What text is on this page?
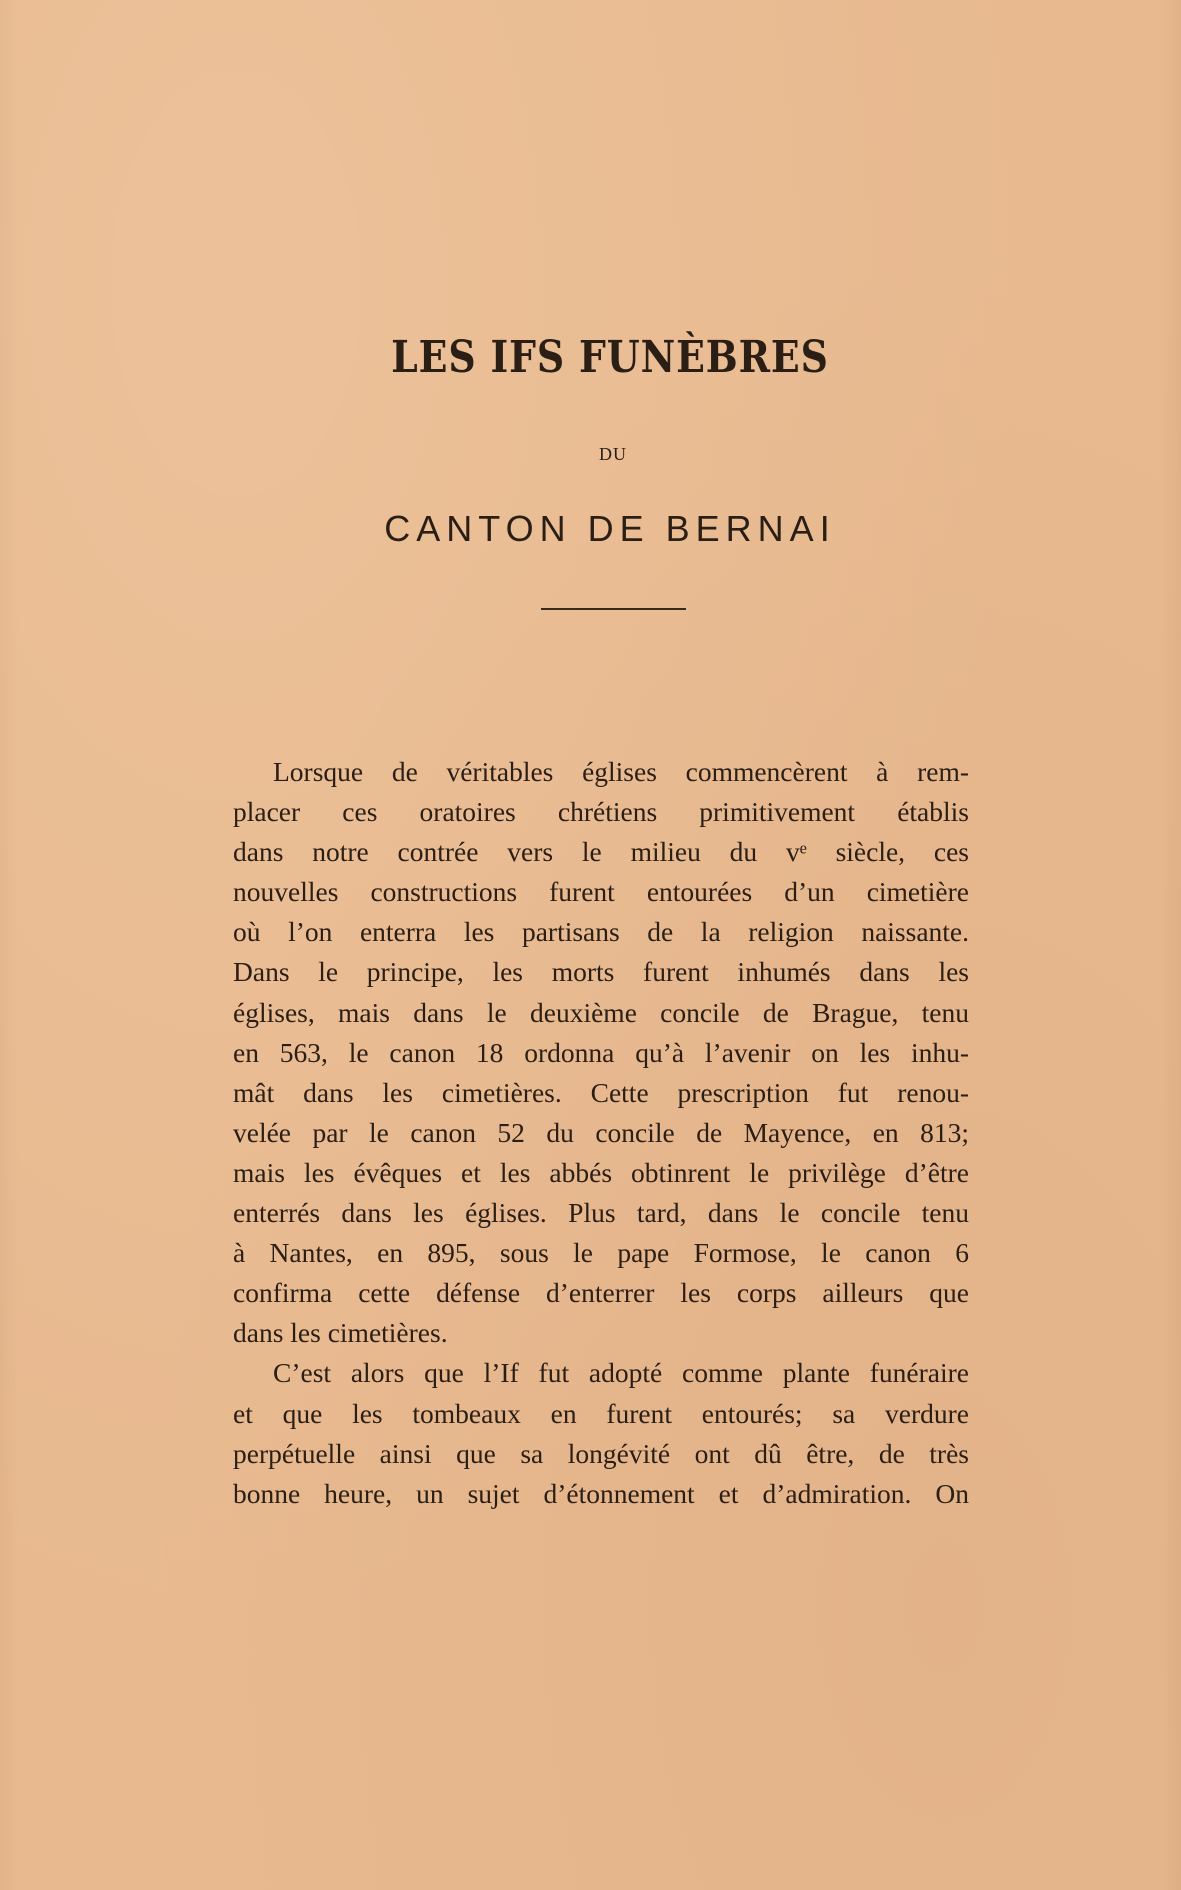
LES IFS FUNÈBRES
DU
CANTON DE BERNAI
Lorsque de véritables églises commencèrent à rem-
placer ces oratoires chrétiens primitivement établis
dans notre contrée vers le milieu du vᵉ siècle, ces
nouvelles constructions furent entourées d’un cimetière
où l’on enterra les partisans de la religion naissante.
Dans le principe, les morts furent inhumés dans les
églises, mais dans le deuxième concile de Brague, tenu
en 563, le canon 18 ordonna qu’à l’avenir on les inhu-
mât dans les cimetières. Cette prescription fut renou-
velée par le canon 52 du concile de Mayence, en 813;
mais les évêques et les abbés obtinrent le privilège d’être
enterrés dans les églises. Plus tard, dans le concile tenu
à Nantes, en 895, sous le pape Formose, le canon 6
confirma cette défense d’enterrer les corps ailleurs que
dans les cimetières.
C’est alors que l’If fut adopté comme plante funéraire
et que les tombeaux en furent entourés; sa verdure
perpétuelle ainsi que sa longévité ont dû être, de très
bonne heure, un sujet d’étonnement et d’admiration. On
